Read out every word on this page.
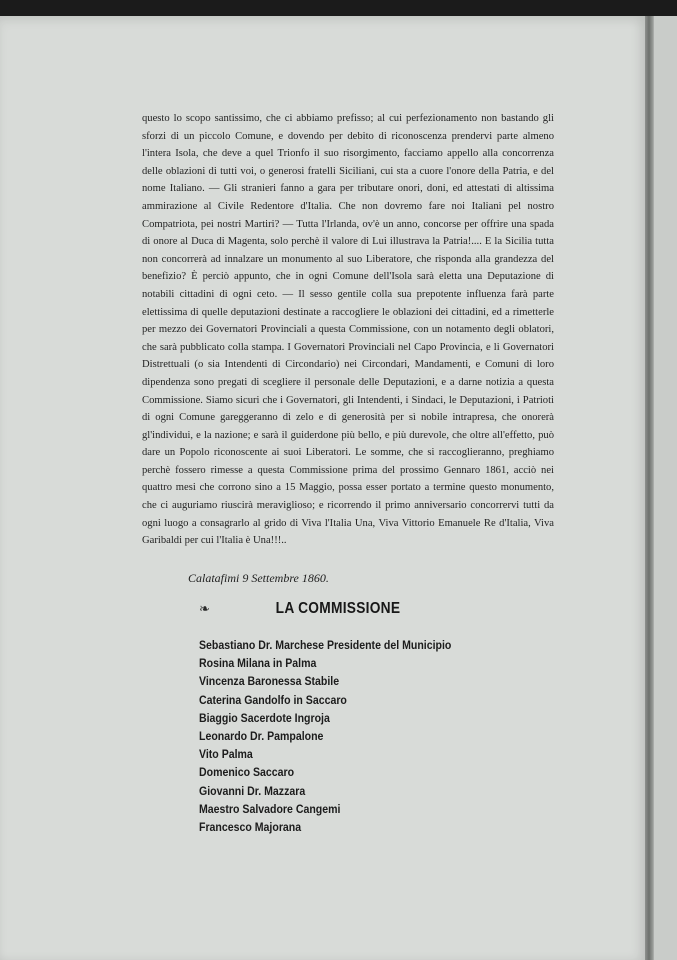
questo lo scopo santissimo, che ci abbiamo prefisso; al cui perfezionamento non bastando gli sforzi di un piccolo Comune, e dovendo per debito di riconoscenza prendervi parte almeno l'intera Isola, che deve a quel Trionfo il suo risorgimento, facciamo appello alla concorrenza delle oblazioni di tutti voi, o generosi fratelli Siciliani, cui sta a cuore l'onore della Patria, e del nome Italiano. — Gli stranieri fanno a gara per tributare onori, doni, ed attestati di altissima ammirazione al Civile Redentore d'Italia. Che non dovremo fare noi Italiani pel nostro Compatriota, pei nostri Martiri? — Tutta l'Irlanda, ov'è un anno, concorse per offrire una spada di onore al Duca di Magenta, solo perchè il valore di Lui illustrava la Patria!.... E la Sicilia tutta non concorrerà ad innalzare un monumento al suo Liberatore, che risponda alla grandezza del benefizio? È perciò appunto, che in ogni Comune dell'Isola sarà eletta una Deputazione di notabili cittadini di ogni ceto. — Il sesso gentile colla sua prepotente influenza farà parte elettissima di quelle deputazioni destinate a raccogliere le oblazioni dei cittadini, ed a rimetterle per mezzo dei Governatori Provinciali a questa Commissione, con un notamento degli oblatori, che sarà pubblicato colla stampa. I Governatori Provinciali nel Capo Provincia, e li Governatori Distrettuali (o sia Intendenti di Circondario) nei Circondari, Mandamenti, e Comuni di loro dipendenza sono pregati di scegliere il personale delle Deputazioni, e a darne notizia a questa Commissione. Siamo sicuri che i Governatori, gli Intendenti, i Sindaci, le Deputazioni, i Patrioti di ogni Comune gareggeranno di zelo e di generosità per sì nobile intrapresa, che onorerà gl'individui, e la nazione; e sarà il guiderdone più bello, e più durevole, che oltre all'effetto, può dare un Popolo riconoscente ai suoi Liberatori. Le somme, che si raccoglieranno, preghiamo perchè fossero rimesse a questa Commissione prima del prossimo Gennaro 1861, acciò nei quattro mesi che corrono sino a 15 Maggio, possa esser portato a termine questo monumento, che ci auguriamo riuscirà meraviglioso; e ricorrendo il primo anniversario concorrervi tutti da ogni luogo a consagrarlo al grido di Viva l'Italia Una, Viva Vittorio Emanuele Re d'Italia, Viva Garibaldi per cui l'Italia è Una!!!..

Calatafimi 9 Settembre 1860.

❧	LA COMMISSIONE
Sebastiano Dr. Marchese Presidente del Municipio
Rosina Milana in Palma
Vincenza Baronessa Stabile
Caterina Gandolfo in Saccaro
Biaggio Sacerdote Ingroja
Leonardo Dr. Pampalone
Vito Palma
Domenico Saccaro
Giovanni Dr. Mazzara
Maestro Salvadore Cangemi
Francesco Majorana
